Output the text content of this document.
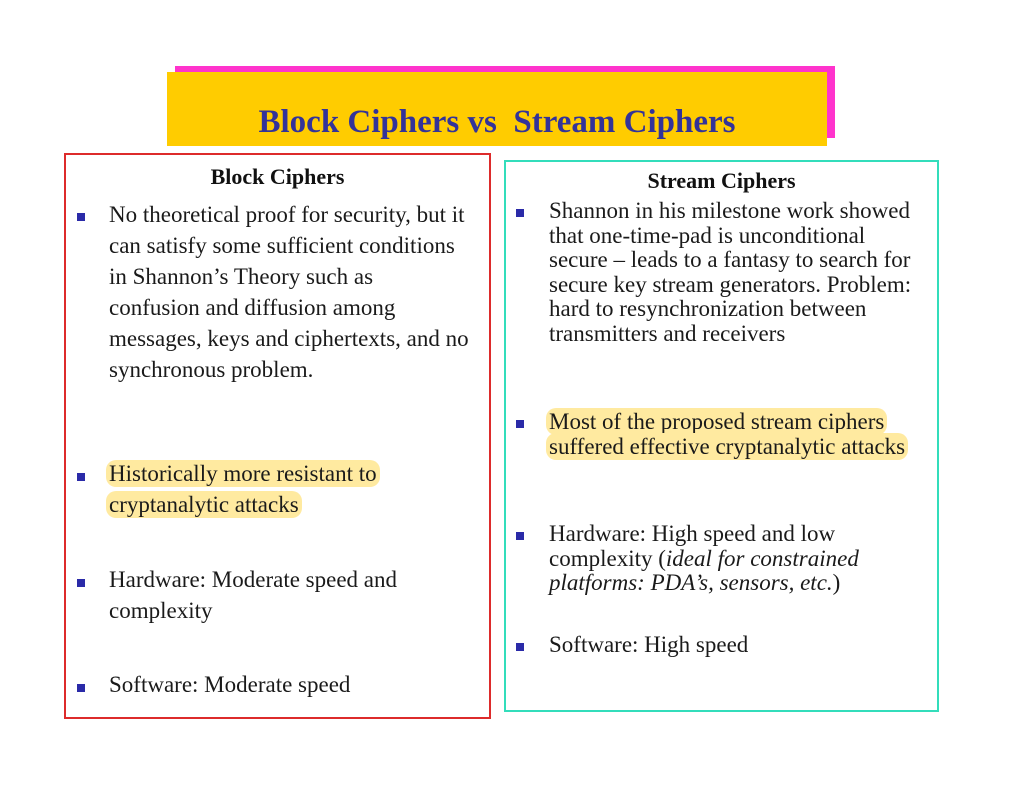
Block Ciphers vs  Stream Ciphers
Block Ciphers
No theoretical proof for security, but it can satisfy some sufficient conditions in Shannon’s Theory such as confusion and diffusion among messages, keys and ciphertexts, and no synchronous problem.
Historically more resistant to cryptanalytic attacks
Hardware: Moderate speed and complexity
Software: Moderate speed
Stream Ciphers
Shannon in his milestone work showed that one-time-pad is unconditional secure – leads to a fantasy to search for secure key stream generators. Problem: hard to resynchronization between transmitters and receivers
Most of the proposed stream ciphers suffered effective cryptanalytic attacks
Hardware: High speed and low complexity (ideal for constrained platforms: PDA’s, sensors, etc.)
Software: High speed
